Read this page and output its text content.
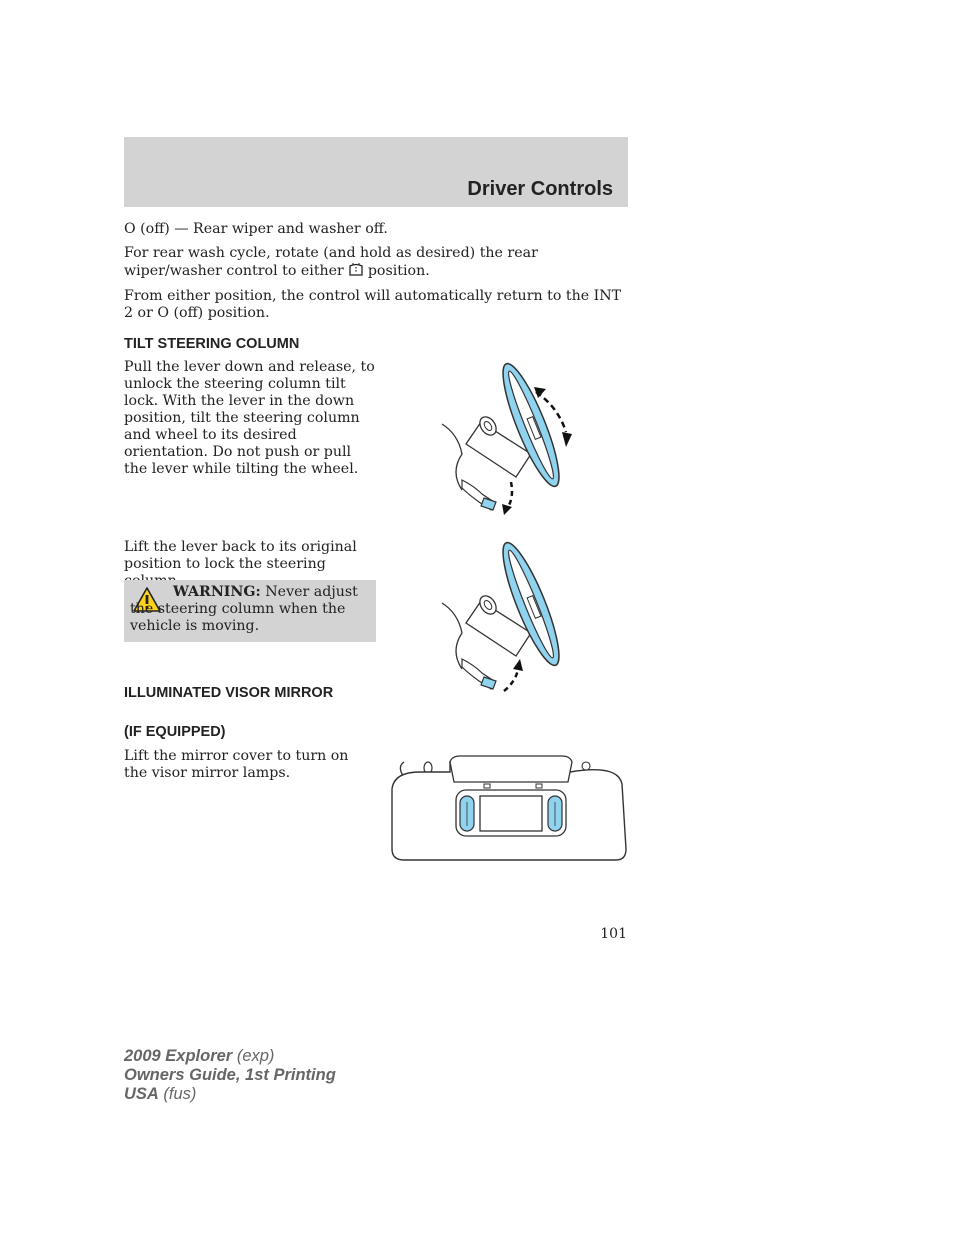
Driver Controls

O (off) — Rear wiper and washer off.

For rear wash cycle, rotate (and hold as desired) the rear wiper/washer control to either position.

From either position, the control will automatically return to the INT 2 or O (off) position.

TILT STEERING COLUMN

Pull the lever down and release, to unlock the steering column tilt lock. With the lever in the down position, tilt the steering column and wheel to its desired orientation. Do not push or pull the lever while tilting the wheel.

Lift the lever back to its original position to lock the steering

WARNING: Never adjust the steering column when the vehicle is moving.
ILLUMINATED VISOR MIRROR
(IF EQUIPPED)

Lift the mirror cover to turn on the visor mirror lamps.

101
2009 Explorer (exp)
Owners Guide, 1st Printing
USA (fus)
